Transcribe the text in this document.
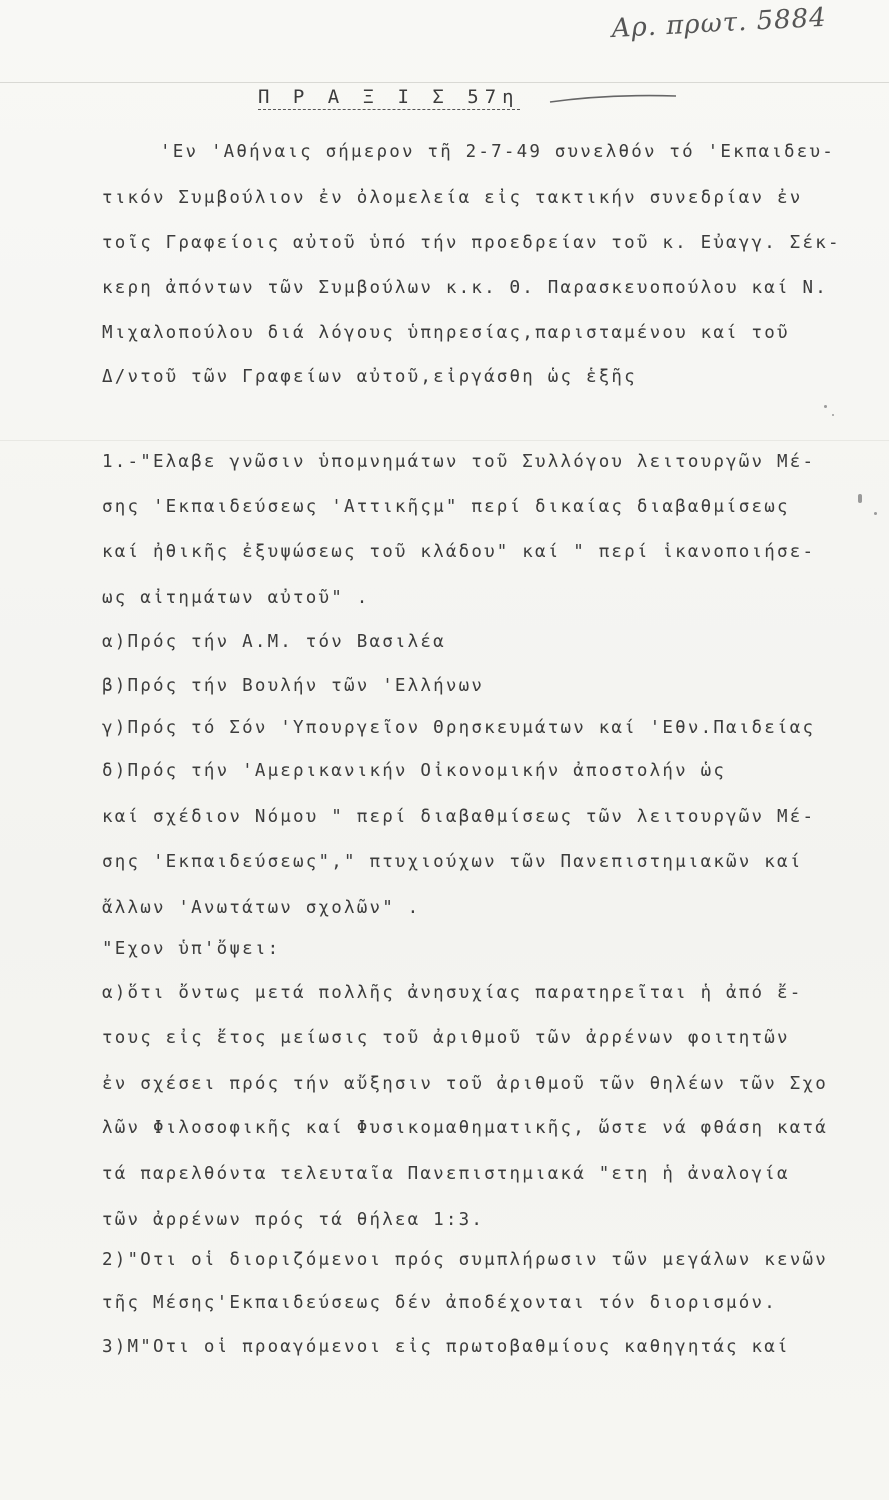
Αρ. πρωτ. 5884
Π Ρ Α Ξ Ι Σ 57η
'Εν 'Αθήναις σήμερον τῆ 2-7-49 συνελθόν τό 'Εκπαιδευ-
τικόν Συμβούλιον ἐν ὀλομελεία εἰς τακτικήν συνεδρίαν ἐν
τοῖς Γραφείοις αὐτοῦ ὑπό τήν προεδρείαν τοῦ κ. Εὐαγγ. Σέκ-
κερη ἀπόντων τῶν Συμβούλων κ.κ. Θ. Παρασκευοπούλου καί Ν.
Μιχαλοπούλου διά λόγους ὑπηρεσίας,παρισταμένου καί τοῦ
Δ/ντοῦ τῶν Γραφείων αὐτοῦ,εἰργάσθη ὡς ἑξῆς
1.-"Ελαβε γνῶσιν ὑπομνημάτων τοῦ Συλλόγου λειτουργῶν Μέ-
σης 'Εκπαιδεύσεως 'Αττικῆςμ" περί δικαίας διαβαθμίσεως
καί ἠθικῆς ἐξυψώσεως τοῦ κλάδου" καί " περί ἱκανοποιήσε-
ως αἰτημάτων αὐτοῦ" .
α)Πρός τήν Α.Μ. τόν Βασιλέα
β)Πρός τήν Βουλήν τῶν 'Ελλήνων
γ)Πρός τό Σόν 'Υπουργεῖον Θρησκευμάτων καί 'Εθν.Παιδείας
δ)Πρός τήν 'Αμερικανικήν Οἰκονομικήν ἀποστολήν ὡς
καί σχέδιον Νόμου " περί διαβαθμίσεως τῶν λειτουργῶν Μέ-
σης 'Εκπαιδεύσεως"," πτυχιούχων τῶν Πανεπιστημιακῶν καί
ἄλλων 'Ανωτάτων σχολῶν" .
"Εχον ὑπ'ὄψει:
α)ὅτι ὄντως μετά πολλῆς ἀνησυχίας παρατηρεῖται ἡ ἀπό ἔ-
τους εἰς ἔτος μείωσις τοῦ ἀριθμοῦ τῶν ἀρρένων φοιτητῶν
ἐν σχέσει πρός τήν αὔξησιν τοῦ ἀριθμοῦ τῶν θηλέων τῶν Σχο
λῶν Φιλοσοφικῆς καί Φυσικομαθηματικῆς, ὥστε νά φθάση κατά
τά παρελθόντα τελευταῖα Πανεπιστημιακά "ετη ἡ ἀναλογία
τῶν ἀρρένων πρός τά θήλεα 1:3.
2)"Οτι οἱ διοριζόμενοι πρός συμπλήρωσιν τῶν μεγάλων κενῶν
τῆς Μέσης'Εκπαιδεύσεως δέν ἀποδέχονται τόν διορισμόν.
3)Μ"Οτι οἱ προαγόμενοι εἰς πρωτοβαθμίους καθηγητάς καί
